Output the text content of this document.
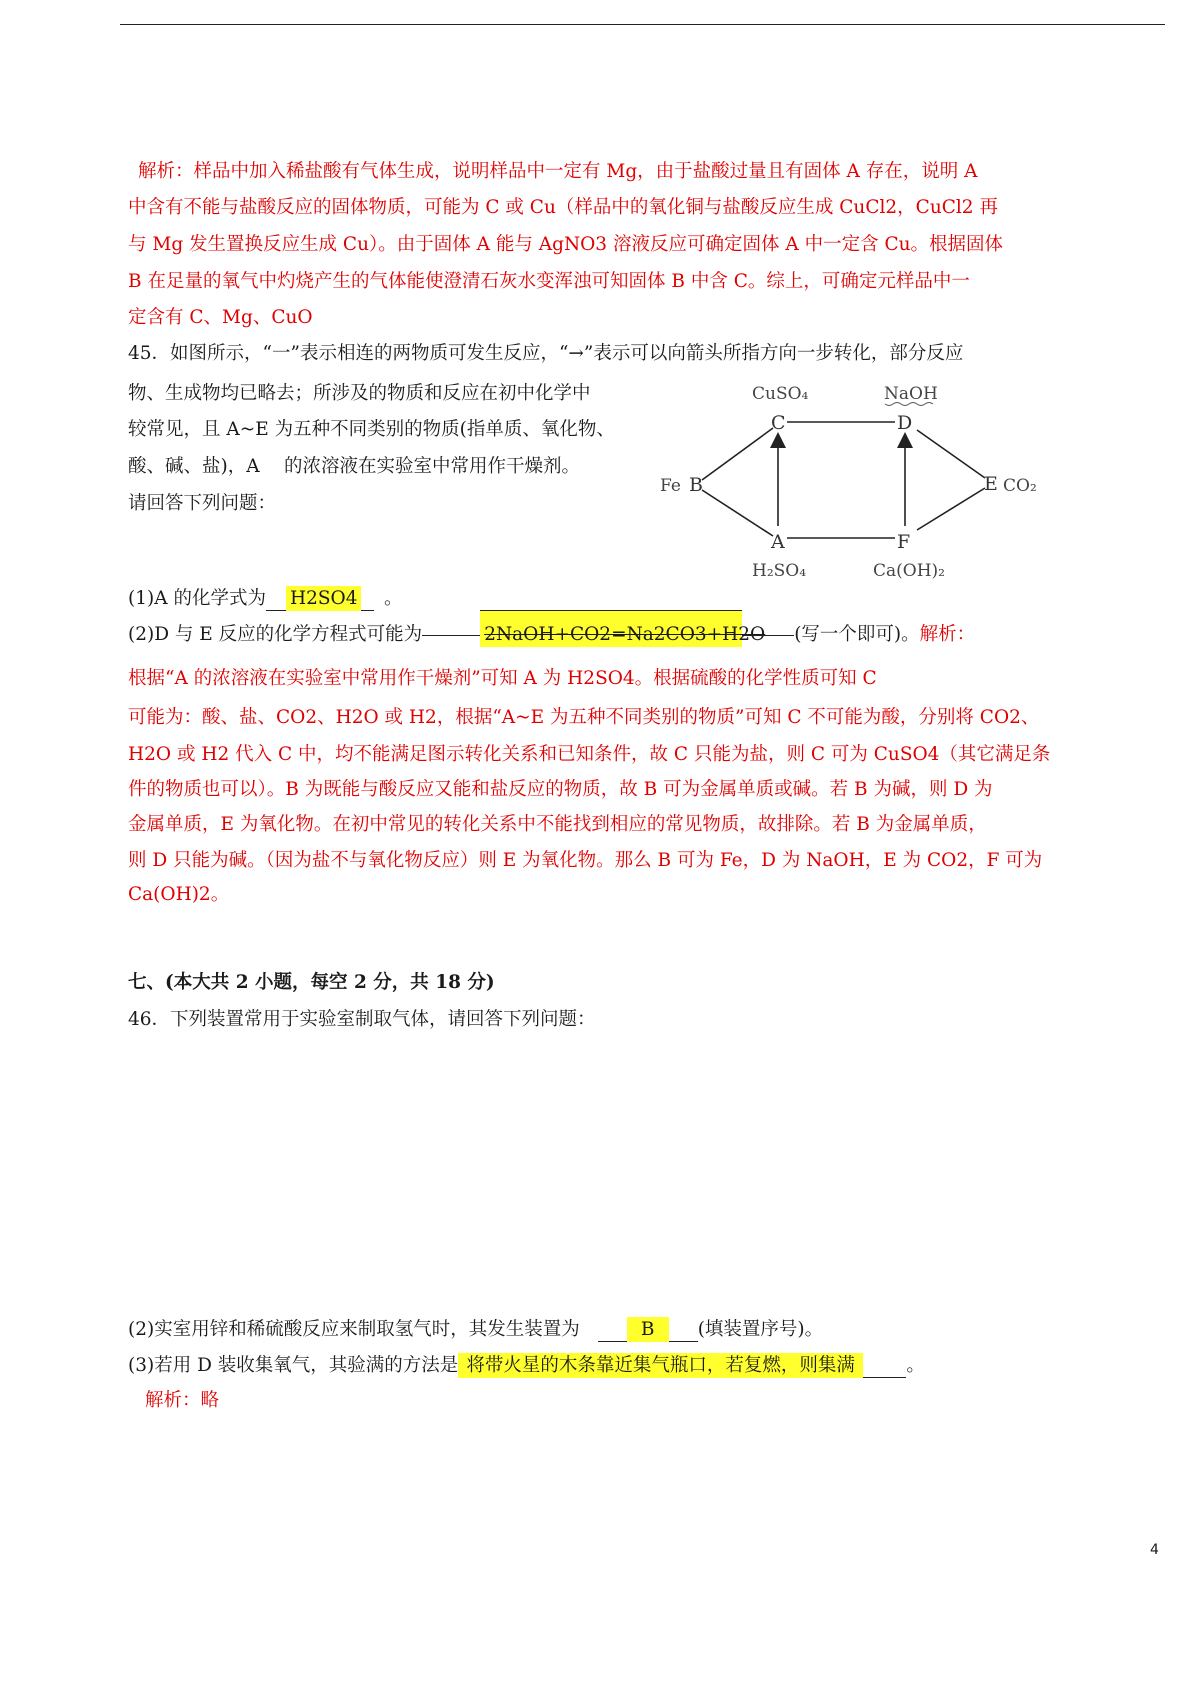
解析：样品中加入稀盐酸有气体生成，说明样品中一定有 Mg，由于盐酸过量且有固体 A 存在，说明 A
中含有不能与盐酸反应的固体物质，可能为 C 或 Cu（样品中的氧化铜与盐酸反应生成 CuCl2，CuCl2 再
与 Mg 发生置换反应生成 Cu）。由于固体 A 能与 AgNO3 溶液反应可确定固体 A 中一定含 Cu。根据固体
B 在足量的氧气中灼烧产生的气体能使澄清石灰水变浑浊可知固体 B 中含 C。综上，可确定元样品中一
定含有 C、Mg、CuO
45．如图所示，“一”表示相连的两物质可发生反应，“→”表示可以向箭头所指方向一步转化，部分反应
物、生成物均已略去；所涉及的物质和反应在初中化学中
较常见，且 A~E 为五种不同类别的物质(指单质、氧化物、
酸、碱、盐)，A　 的浓溶液在实验室中常用作干燥剂。
请回答下列问题：
C	D
B	E
A	F
CuSO₄	NaOH
Fe	CO₂
H₂SO₄	Ca(OH)₂
(1)A 的化学式为 H2SO4 。
(2)D 与 E 反应的化学方程式可能为	2NaOH+CO2=Na2CO3+H2O (写一个即可)。解析：
根据“A 的浓溶液在实验室中常用作干燥剂”可知 A 为 H2SO4。根据硫酸的化学性质可知 C
可能为：酸、盐、CO2、H2O 或 H2，根据“A~E 为五种不同类别的物质”可知 C 不可能为酸，分别将 CO2、
H2O 或 H2 代入 C 中，均不能满足图示转化关系和已知条件，故 C 只能为盐，则 C 可为 CuSO4（其它满足条
件的物质也可以）。B 为既能与酸反应又能和盐反应的物质，故 B 可为金属单质或碱。若 B 为碱，则 D 为
金属单质，E 为氧化物。在初中常见的转化关系中不能找到相应的常见物质，故排除。若 B 为金属单质，
则 D 只能为碱。（因为盐不与氧化物反应）则 E 为氧化物。那么 B 可为 Fe，D 为 NaOH，E 为 CO2，F 可为
Ca(OH)2。
七、(本大共 2 小题，每空 2 分，共 18 分)
46．下列装置常用于实验室制取气体，请回答下列问题：
(2)实室用锌和稀硫酸反应来制取氢气时，其发生装置为	B (填装置序号)。
(3)若用 D 装收集氧气，其验满的方法是 将带火星的木条靠近集气瓶口，若复燃，则集满	。
解析：略
4
